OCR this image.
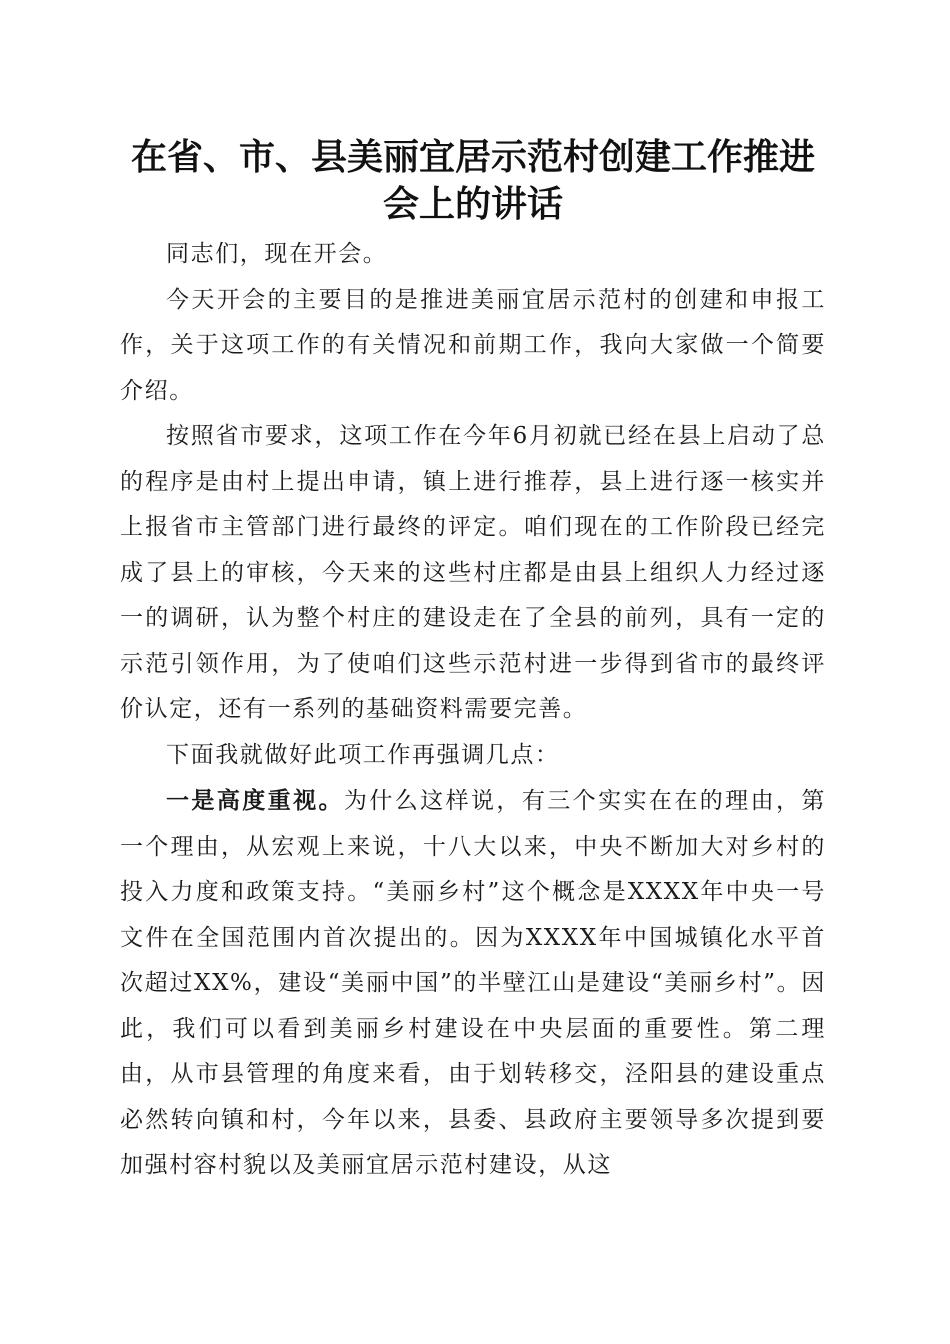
在省、市、县美丽宜居示范村创建工作推进会上的讲话

同志们，现在开会。

今天开会的主要目的是推进美丽宜居示范村的创建和申报工作，关于这项工作的有关情况和前期工作，我向大家做一个简要介绍。

按照省市要求，这项工作在今年6月初就已经在县上启动了总的程序是由村上提出申请，镇上进行推荐，县上进行逐一核实并上报省市主管部门进行最终的评定。咱们现在的工作阶段已经完成了县上的审核，今天来的这些村庄都是由县上组织人力经过逐一的调研，认为整个村庄的建设走在了全县的前列，具有一定的示范引领作用，为了使咱们这些示范村进一步得到省市的最终评价认定，还有一系列的基础资料需要完善。

下面我就做好此项工作再强调几点：

一是高度重视。为什么这样说，有三个实实在在的理由，第一个理由，从宏观上来说，十八大以来，中央不断加大对乡村的投入力度和政策支持。“美丽乡村”这个概念是XXXX年中央一号文件在全国范围内首次提出的。因为XXXX年中国城镇化水平首次超过XX%，建设“美丽中国”的半壁江山是建设“美丽乡村”。因此，我们可以看到美丽乡村建设在中央层面的重要性。第二理由，从市县管理的角度来看，由于划转移交，泾阳县的建设重点必然转向镇和村，今年以来，县委、县政府主要领导多次提到要加强村容村貌以及美丽宜居示范村建设，从这
